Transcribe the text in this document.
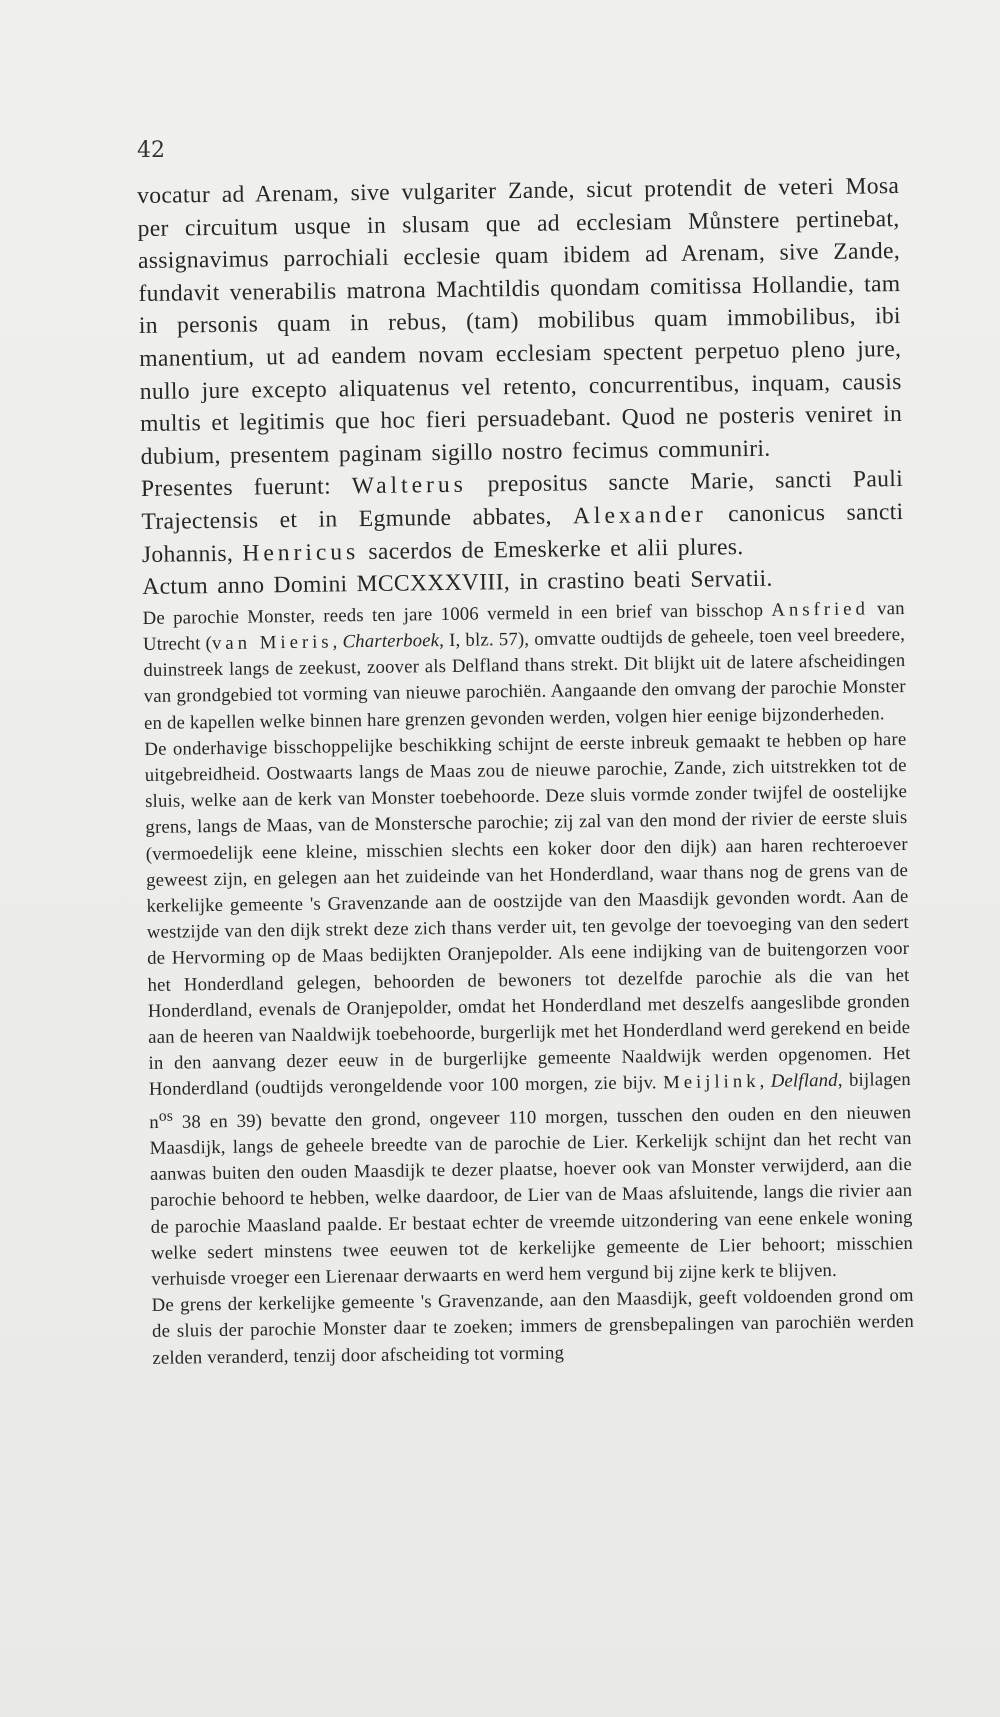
42

vocatur ad Arenam, sive vulgariter Zande, sicut protendit de veteri Mosa per circuitum usque in slusam que ad ecclesiam Můnstere pertinebat, assignavimus parrochiali ecclesie quam ibidem ad Arenam, sive Zande, fundavit venerabilis matrona Machtildis quondam comitissa Hollandie, tam in personis quam in rebus, (tam) mobilibus quam immobilibus, ibi manentium, ut ad eandem novam ecclesiam spectent perpetuo pleno jure, nullo jure excepto aliquatenus vel retento, concurrentibus, inquam, causis multis et legitimis que hoc fieri persuadebant. Quod ne posteris veniret in dubium, presentem paginam sigillo nostro fecimus communiri.

Presentes fuerunt: Walterus prepositus sancte Marie, sancti Pauli Trajectensis et in Egmunde abbates, Alexander canonicus sancti Johannis, Henricus sacerdos de Emeskerke et alii plures.

Actum anno Domini MCCXXXVIII, in crastino beati Servatii.

De parochie Monster, reeds ten jare 1006 vermeld in een brief van bisschop Ansfried van Utrecht (van Mieris, Charterboek, I, blz. 57), omvatte oudtijds de geheele, toen veel breedere, duinstreek langs de zeekust, zoover als Delfland thans strekt. Dit blijkt uit de latere afscheidingen van grondgebied tot vorming van nieuwe parochiën. Aangaande den omvang der parochie Monster en de kapellen welke binnen hare grenzen gevonden werden, volgen hier eenige bijzonderheden.

De onderhavige bisschoppelijke beschikking schijnt de eerste inbreuk gemaakt te hebben op hare uitgebreidheid. Oostwaarts langs de Maas zou de nieuwe parochie, Zande, zich uitstrekken tot de sluis, welke aan de kerk van Monster toebehoorde. Deze sluis vormde zonder twijfel de oostelijke grens, langs de Maas, van de Monstersche parochie; zij zal van den mond der rivier de eerste sluis (vermoedelijk eene kleine, misschien slechts een koker door den dijk) aan haren rechteroever geweest zijn, en gelegen aan het zuideinde van het Honderdland, waar thans nog de grens van de kerkelijke gemeente 's Gravenzande aan de oostzijde van den Maasdijk gevonden wordt. Aan de westzijde van den dijk strekt deze zich thans verder uit, ten gevolge der toevoeging van den sedert de Hervorming op de Maas bedijkten Oranjepolder. Als eene indijking van de buitengorzen voor het Honderdland gelegen, behoorden de bewoners tot dezelfde parochie als die van het Honderdland, evenals de Oranjepolder, omdat het Honderdland met deszelfs aangeslibde gronden aan de heeren van Naaldwijk toebehoorde, burgerlijk met het Honderdland werd gerekend en beide in den aanvang dezer eeuw in de burgerlijke gemeente Naaldwijk werden opgenomen. Het Honderdland (oudtijds verongeldende voor 100 morgen, zie bijv. Meijlink, Delfland, bijlagen $n^{os}$ 38 en 39) bevatte den grond, ongeveer 110 morgen, tusschen den ouden en den nieuwen Maasdijk, langs de geheele breedte van de parochie de Lier. Kerkelijk schijnt dan het recht van aanwas buiten den ouden Maasdijk te dezer plaatse, hoever ook van Monster verwijderd, aan die parochie behoord te hebben, welke daardoor, de Lier van de Maas afsluitende, langs die rivier aan de parochie Maasland paalde. Er bestaat echter de vreemde uitzondering van eene enkele woning welke sedert minstens twee eeuwen tot de kerkelijke gemeente de Lier behoort; misschien verhuisde vroeger een Lierenaar derwaarts en werd hem vergund bij zijne kerk te blijven.

De grens der kerkelijke gemeente 's Gravenzande, aan den Maasdijk, geeft voldoenden grond om de sluis der parochie Monster daar te zoeken; immers de grensbepalingen van parochiën werden zelden veranderd, tenzij door afscheiding tot vorming
